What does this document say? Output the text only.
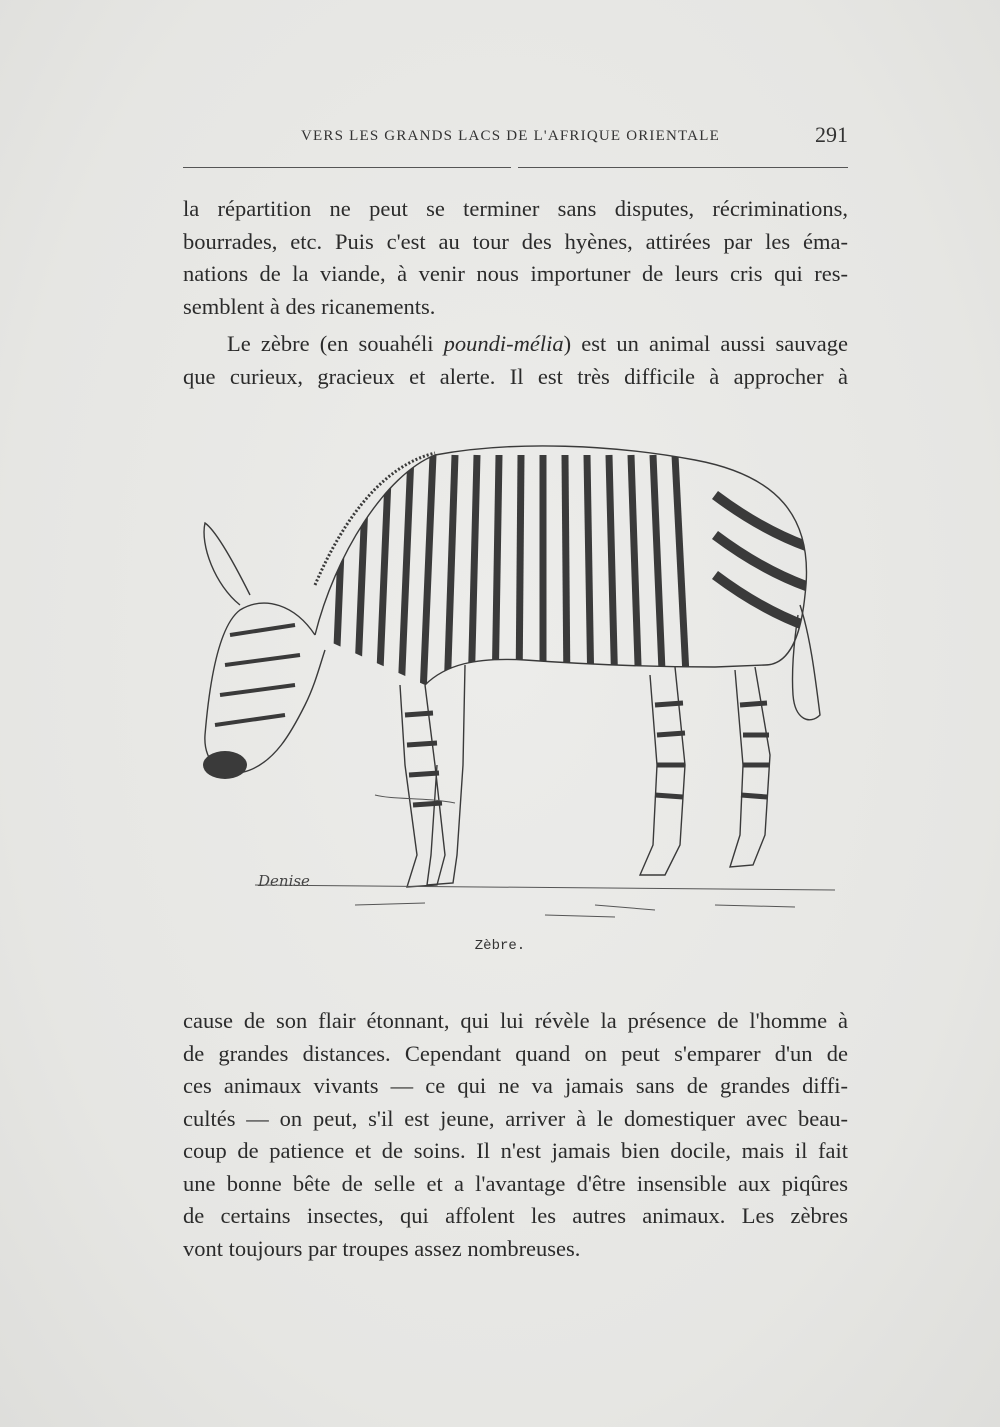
VERS LES GRANDS LACS DE L'AFRIQUE ORIENTALE	291
la répartition ne peut se terminer sans disputes, récriminations,
bourrades, etc. Puis c'est au tour des hyènes, attirées par les éma-
nations de la viande, à venir nous importuner de leurs cris qui res-
semblent à des ricanements.
Le zèbre (en souahéli poundi-mélia) est un animal aussi sauvage
que curieux, gracieux et alerte. Il est très difficile à approcher à
Denise
Zèbre.
cause de son flair étonnant, qui lui révèle la présence de l'homme à
de grandes distances. Cependant quand on peut s'emparer d'un de
ces animaux vivants — ce qui ne va jamais sans de grandes diffi-
cultés — on peut, s'il est jeune, arriver à le domestiquer avec beau-
coup de patience et de soins. Il n'est jamais bien docile, mais il fait
une bonne bête de selle et a l'avantage d'être insensible aux piqûres
de certains insectes, qui affolent les autres animaux. Les zèbres
vont toujours par troupes assez nombreuses.
